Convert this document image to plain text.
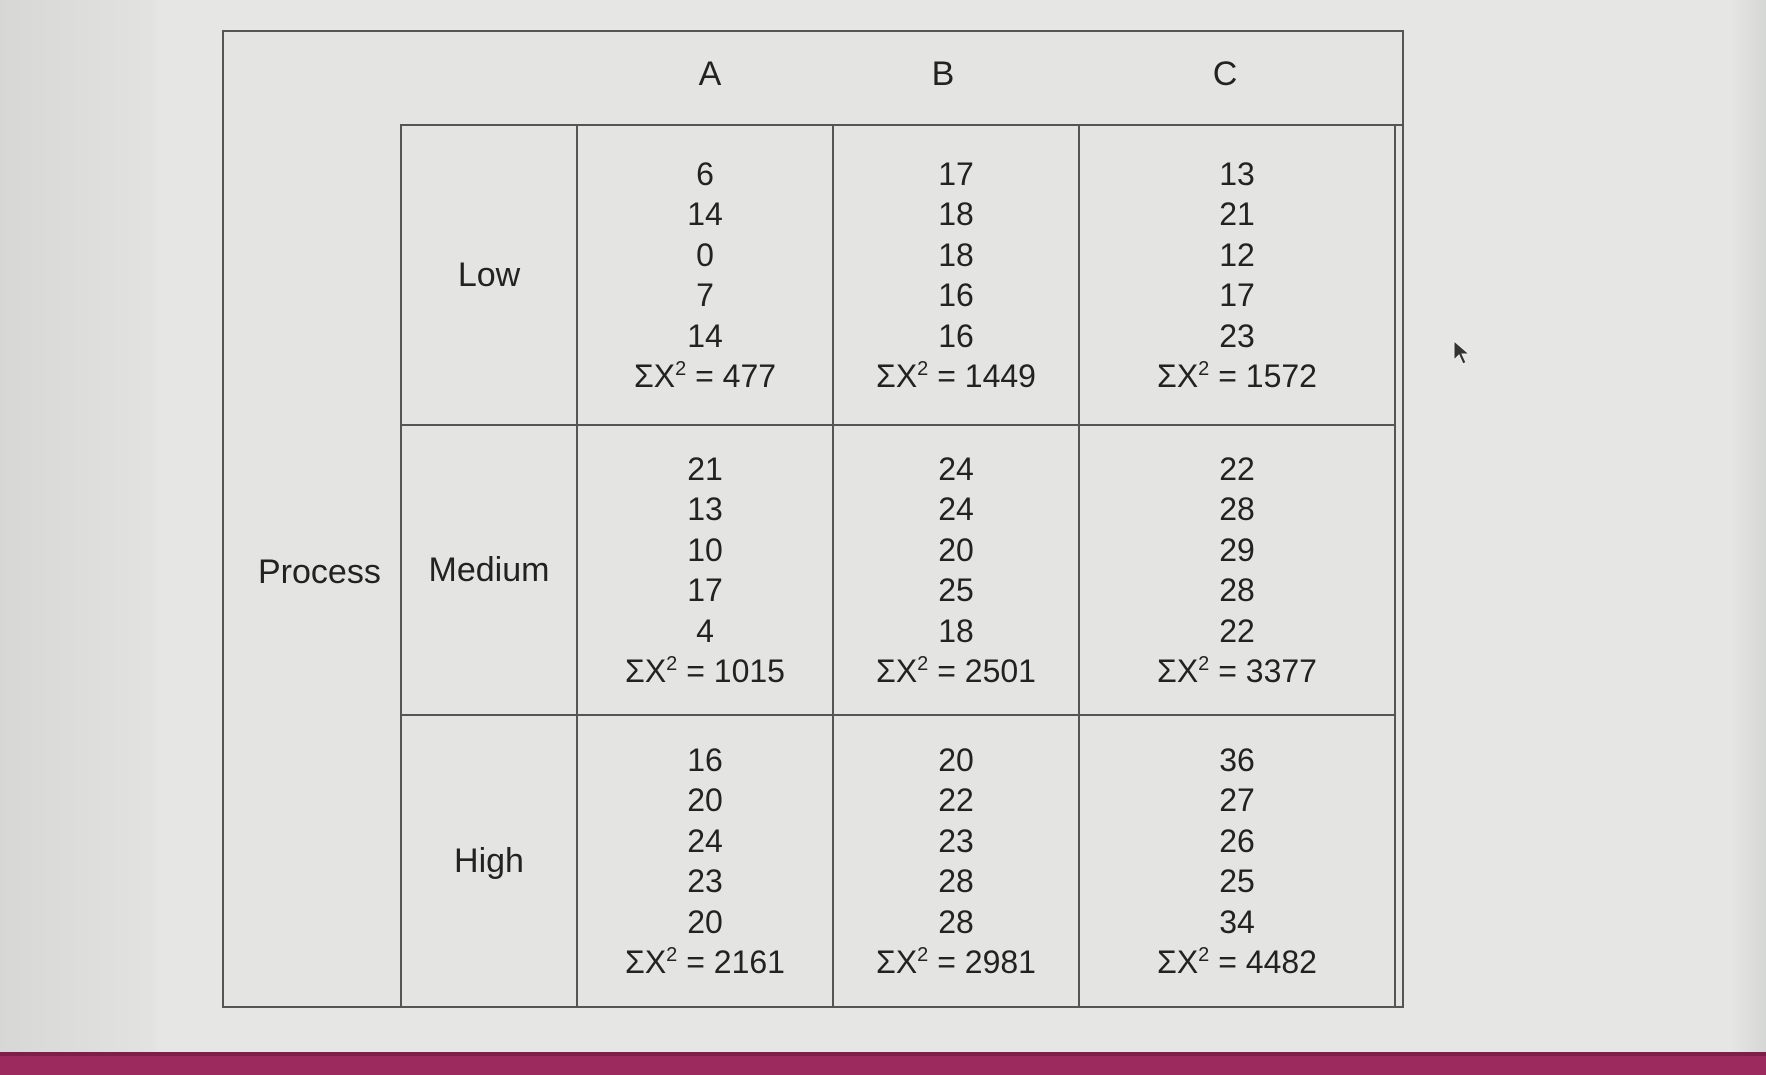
A	B	C
Process
Low
6
14
0
7
14
$\Sigma X^2 = 477$
17
18
18
16
16
$\Sigma X^2 = 1449$
13
21
12
17
23
$\Sigma X^2 = 1572$
Medium
21
13
10
17
4
$\Sigma X^2 = 1015$
24
24
20
25
18
$\Sigma X^2 = 2501$
22
28
29
28
22
$\Sigma X^2 = 3377$
High
16
20
24
23
20
$\Sigma X^2 = 2161$
20
22
23
28
28
$\Sigma X^2 = 2981$
36
27
26
25
34
$\Sigma X^2 = 4482$
